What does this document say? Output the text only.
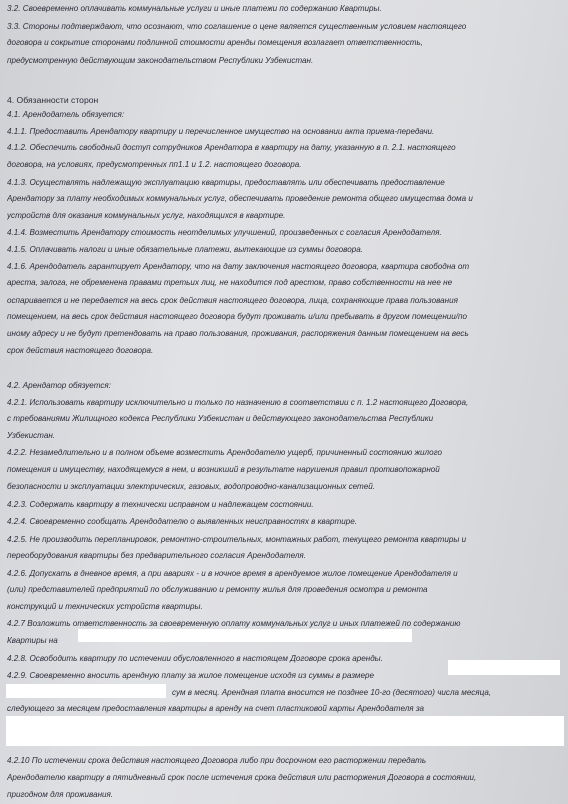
3.2. Своевременно оплачивать коммунальные услуги и иные платежи по содержанию Квартиры.
3.3. Стороны подтверждают, что осознают, что соглашение о цене является существенным условием настоящего
договора и сокрытие сторонами подлинной стоимости аренды помещения возлагает ответственность,
предусмотренную действующим законодательством Республики Узбекистан.
4. Обязанности сторон
4.1. Арендодатель обязуется:
4.1.1. Предоставить Арендатору квартиру и перечисленное имущество на основании акта приема-передачи.
4.1.2. Обеспечить свободный доступ сотрудников Арендатора в квартиру на дату, указанную в п. 2.1. настоящего
договора, на условиях, предусмотренных пп1.1 и 1.2. настоящего договора.
4.1.3. Осуществлять надлежащую эксплуатацию квартиры, предоставлять или обеспечивать предоставление
Арендатору за плату необходимых коммунальных услуг, обеспечивать проведение ремонта общего имущества дома и
устройств для оказания коммунальных услуг, находящихся в квартире.
4.1.4. Возместить Арендатору стоимость неотделимых улучшений, произведенных с согласия Арендодателя.
4.1.5. Оплачивать налоги и иные обязательные платежи, вытекающие из суммы договора.
4.1.6. Арендодатель гарантирует Арендатору, что на дату заключения настоящего договора, квартира свободна от
ареста, залога, не обременена правами третьих лиц, не находится под арестом, право собственности на нее не
оспаривается и не передается на весь срок действия настоящего договора, лица, сохраняющие права пользования
помещением, на весь срок действия настоящего договора будут проживать и/или пребывать в другом помещении/по
иному адресу и не будут претендовать на право пользования, проживания, распоряжения данным помещением на весь
срок действия настоящего договора.
4.2. Арендатор обязуется:
4.2.1. Использовать квартиру исключительно и только по назначению в соответствии с п. 1.2 настоящего Договора,
с требованиями Жилищного кодекса Республики Узбекистан и действующего законодательства Республики
Узбекистан.
4.2.2. Незамедлительно и в полном объеме возместить Арендодателю ущерб, причиненный состоянию жилого
помещения и имуществу, находящемуся в нем, и возникший в результате нарушения правил противопожарной
безопасности и эксплуатации электрических, газовых, водопроводно-канализационных сетей.
4.2.3. Содержать квартиру в технически исправном и надлежащем состоянии.
4.2.4. Своевременно сообщать Арендодателю о выявленных неисправностях в квартире.
4.2.5. Не производить перепланировок, ремонтно-строительных, монтажных работ, текущего ремонта квартиры и
переоборудования квартиры без предварительного согласия Арендодателя.
4.2.6. Допускать в дневное время, а при авариях - и в ночное время в арендуемое жилое помещение Арендодателя и
(или) представителей предприятий по обслуживанию и ремонту жилья для проведения осмотра и ремонта
конструкций и технических устройств квартиры.
4.2.7 Возложить ответственность за своевременную оплату коммунальных услуг и иных платежей по содержанию
Квартиры на
4.2.8. Освободить квартиру по истечении обусловленного в настоящем Договоре срока аренды.
4.2.9. Своевременно вносить арендную плату за жилое помещение исходя из суммы в размере
сум в месяц. Арендная плата вносится не позднее 10-го (десятого) числа месяца,
следующего за месяцем предоставления квартиры в аренду на счет пластиковой карты Арендодателя за
4.2.10 По истечении срока действия настоящего Договора либо при досрочном его расторжении передать
Арендодателю квартиру в пятидневный срок после истечения срока действия или расторжения Договора в состоянии,
пригодном для проживания.
